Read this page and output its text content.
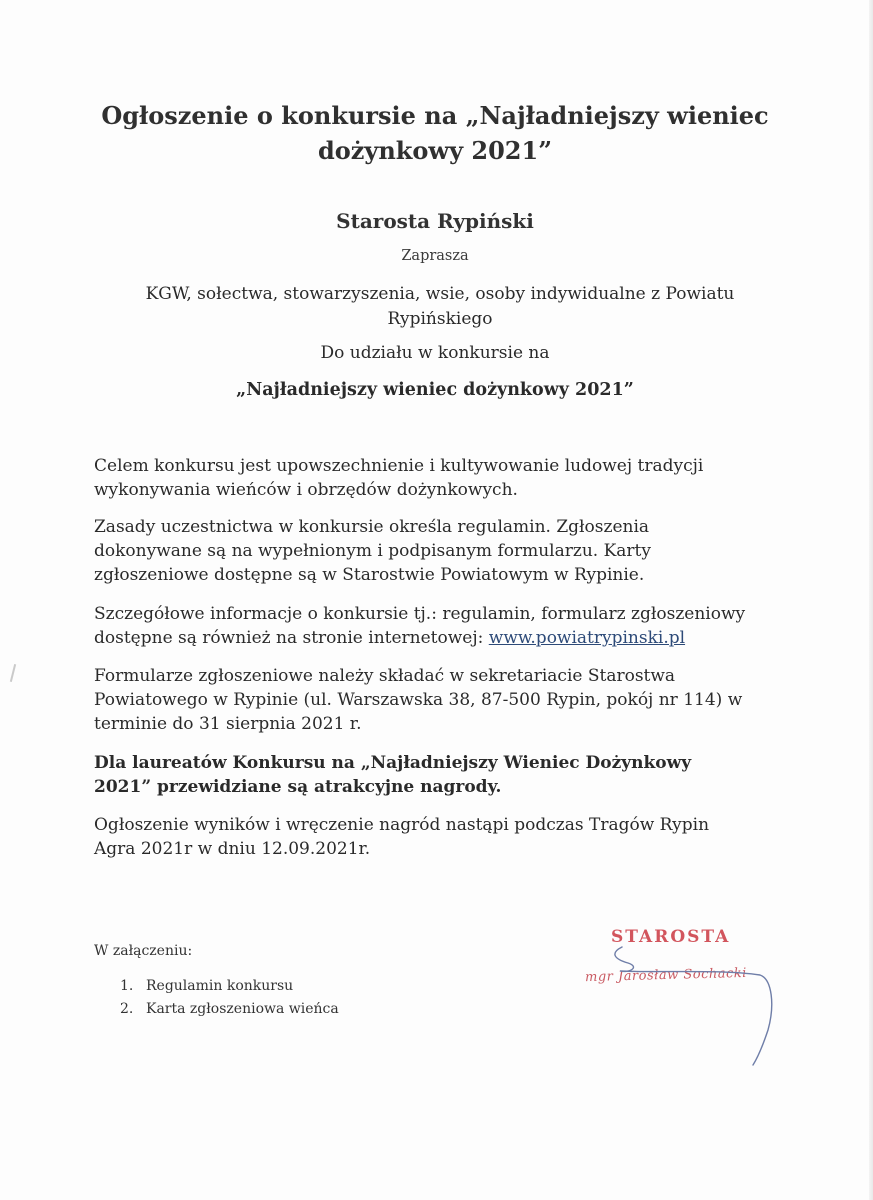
Ogłoszenie o konkursie na „Najładniejszy wieniec dożynkowy 2021”
Starosta Rypiński
Zaprasza
KGW, sołectwa, stowarzyszenia, wsie, osoby indywidualne z Powiatu Rypińskiego
Do udziału w konkursie na
„Najładniejszy wieniec dożynkowy 2021”
Celem konkursu jest upowszechnienie i kultywowanie ludowej tradycji wykonywania wieńców i obrzędów dożynkowych.
Zasady uczestnictwa w konkursie określa regulamin. Zgłoszenia dokonywane są na wypełnionym i podpisanym formularzu. Karty zgłoszeniowe dostępne są w Starostwie Powiatowym w Rypinie.
Szczegółowe informacje o konkursie tj.: regulamin, formularz zgłoszeniowy dostępne są również na stronie internetowej: www.powiatrypinski.pl
Formularze zgłoszeniowe należy składać w sekretariacie Starostwa Powiatowego w Rypinie (ul. Warszawska 38, 87-500 Rypin, pokój nr 114) w terminie do 31 sierpnia 2021 r.
Dla laureatów Konkursu na „Najładniejszy Wieniec Dożynkowy 2021” przewidziane są atrakcyjne nagrody.
Ogłoszenie wyników i wręczenie nagród nastąpi podczas Tragów Rypin Agra 2021r w dniu 12.09.2021r.
W załączeniu:
1. Regulamin konkursu
2. Karta zgłoszeniowa wieńca
STAROSTA
mgr Jarosław Sochacki
